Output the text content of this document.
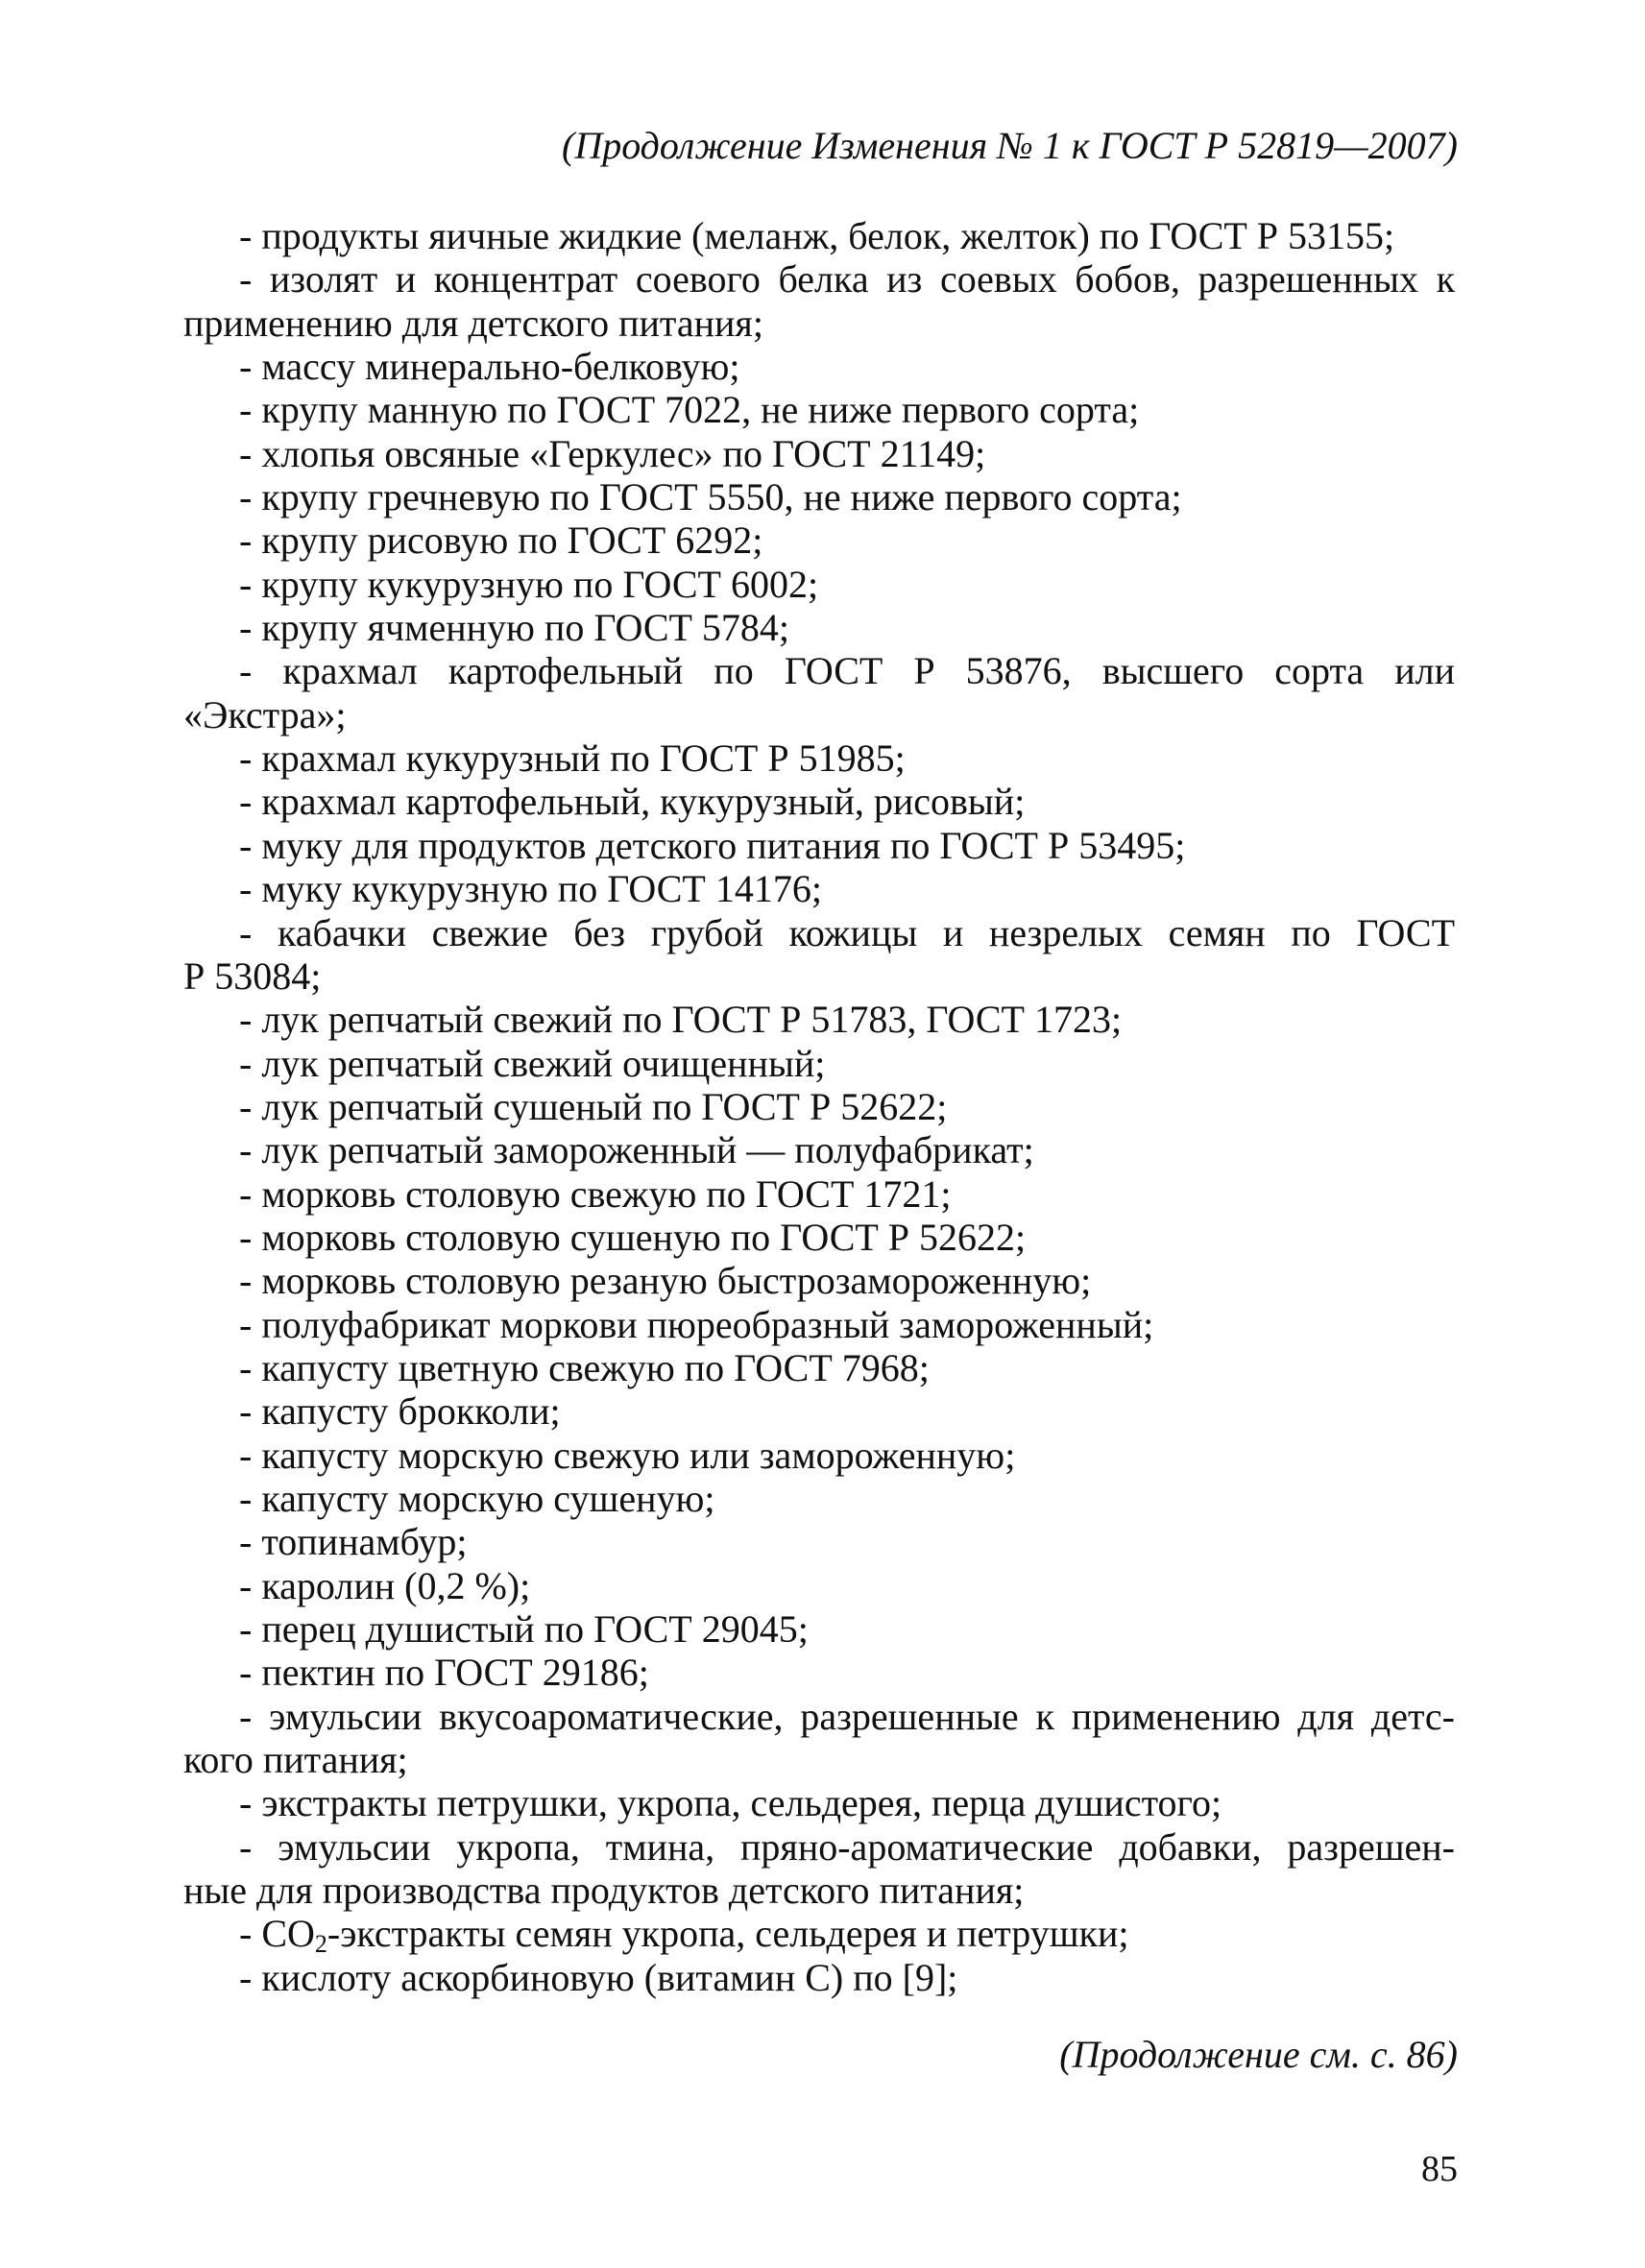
(Продолжение Изменения № 1 к ГОСТ Р 52819—2007)

- продукты яичные жидкие (меланж, белок, желток) по ГОСТ Р 53155;

- изолят и концентрат соевого белка из соевых бобов, разрешенных к
применению для детского питания;

- массу минерально-белковую;

- крупу манную по ГОСТ 7022, не ниже первого сорта;

- хлопья овсяные «Геркулес» по ГОСТ 21149;

- крупу гречневую по ГОСТ 5550, не ниже первого сорта;

- крупу рисовую по ГОСТ 6292;

- крупу кукурузную по ГОСТ 6002;

- крупу ячменную по ГОСТ 5784;

- крахмал картофельный по ГОСТ Р 53876, высшего сорта или
«Экстра»;

- крахмал кукурузный по ГОСТ Р 51985;

- крахмал картофельный, кукурузный, рисовый;

- муку для продуктов детского питания по ГОСТ Р 53495;

- муку кукурузную по ГОСТ 14176;

- кабачки свежие без грубой кожицы и незрелых семян по ГОСТ
Р 53084;

- лук репчатый свежий по ГОСТ Р 51783, ГОСТ 1723;

- лук репчатый свежий очищенный;

- лук репчатый сушеный по ГОСТ Р 52622;

- лук репчатый замороженный — полуфабрикат;

- морковь столовую свежую по ГОСТ 1721;

- морковь столовую сушеную по ГОСТ Р 52622;

- морковь столовую резаную быстрозамороженную;

- полуфабрикат моркови пюреобразный замороженный;

- капусту цветную свежую по ГОСТ 7968;

- капусту брокколи;

- капусту морскую свежую или замороженную;

- капусту морскую сушеную;

- топинамбур;

- каролин (0,2 %);

- перец душистый по ГОСТ 29045;

- пектин по ГОСТ 29186;

- эмульсии вкусоароматические, разрешенные к применению для детс-
кого питания;

- экстракты петрушки, укропа, сельдерея, перца душистого;

- эмульсии укропа, тмина, пряно-ароматические добавки, разрешен-
ные для производства продуктов детского питания;

- $СО_2$-экстракты семян укропа, сельдерея и петрушки;

- кислоту аскорбиновую (витамин С) по [9];

(Продолжение см. с. 86)
85
